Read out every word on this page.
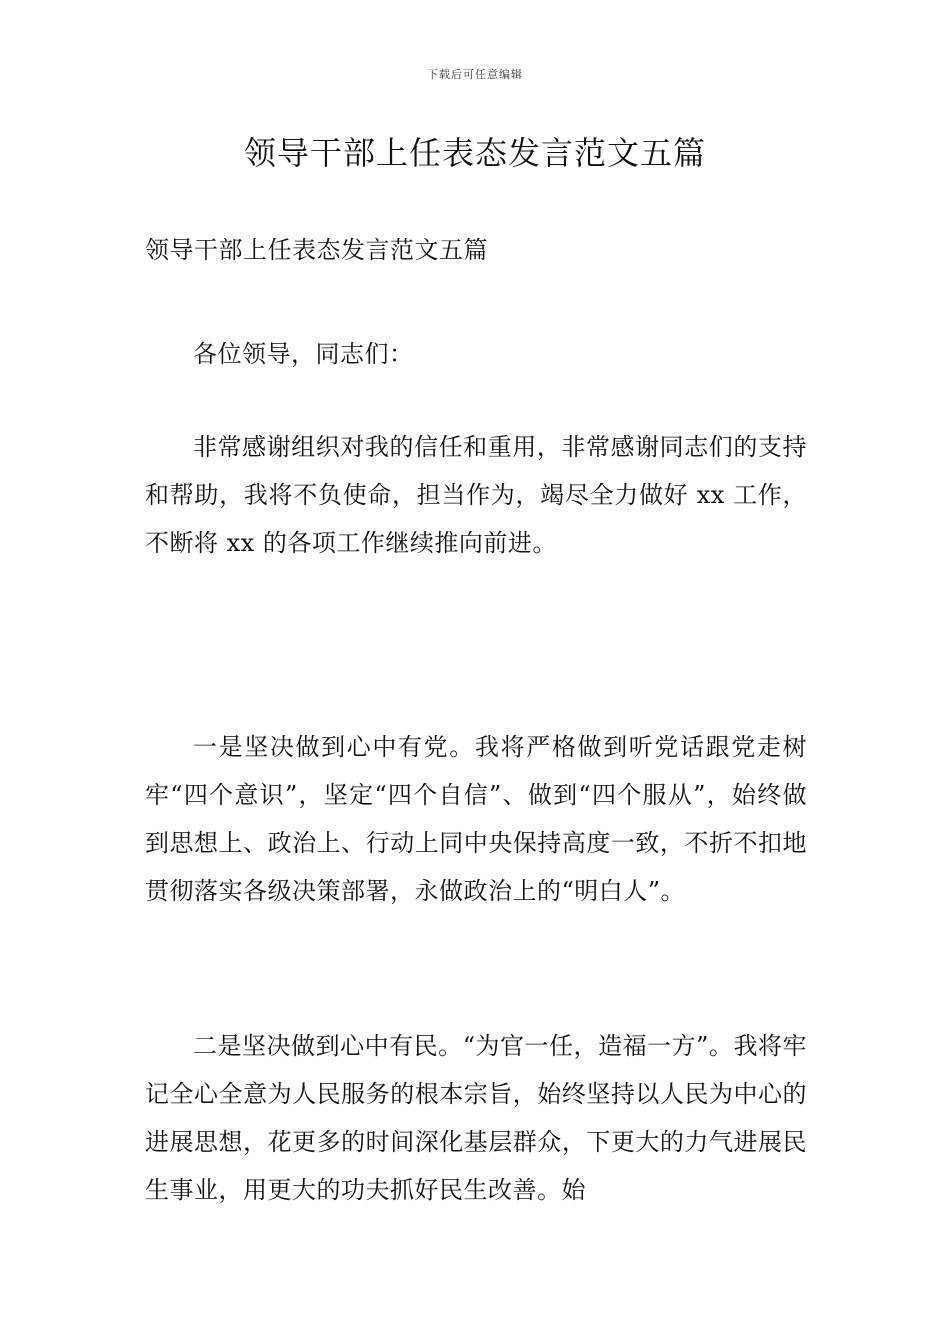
下载后可任意编辑
领导干部上任表态发言范文五篇

领导干部上任表态发言范文五篇

各位领导，同志们：

非常感谢组织对我的信任和重用，非常感谢同志们的支持和帮助，我将不负使命，担当作为，竭尽全力做好 xx 工作，不断将 xx 的各项工作继续推向前进。

一是坚决做到心中有党。我将严格做到听党话跟党走树牢“四个意识”，坚定“四个自信”、做到“四个服从”，始终做到思想上、政治上、行动上同中央保持高度一致，不折不扣地贯彻落实各级决策部署，永做政治上的“明白人”。

二是坚决做到心中有民。“为官一任，造福一方”。我将牢记全心全意为人民服务的根本宗旨，始终坚持以人民为中心的进展思想，花更多的时间深化基层群众，下更大的力气进展民生事业，用更大的功夫抓好民生改善。始
